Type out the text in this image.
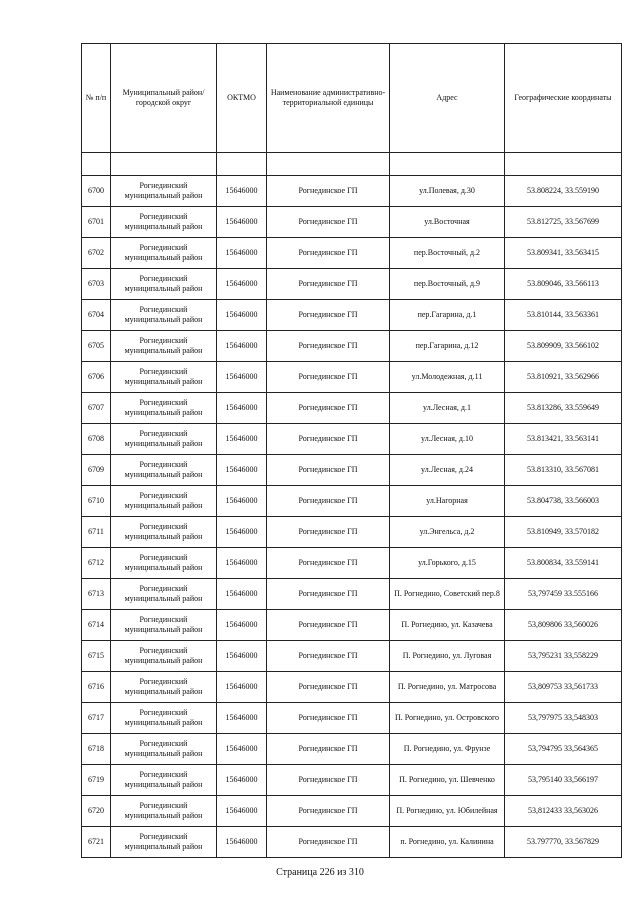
№ п/п	Муниципальный район/городской округ	ОКТМО	Наименование административно-территориальной единицы	Адрес	Географические координаты

6700	Рогнединский муниципальный район	15646000	Рогнединское ГП	ул.Полевая, д.30	53.808224, 33.559190
6701	Рогнединский муниципальный район	15646000	Рогнединское ГП	ул.Восточная	53.812725, 33.567699
6702	Рогнединский муниципальный район	15646000	Рогнединское ГП	пер.Восточный, д.2	53.809341, 33.563415
6703	Рогнединский муниципальный район	15646000	Рогнединское ГП	пер.Восточный, д.9	53.809046, 33.566113
6704	Рогнединский муниципальный район	15646000	Рогнединское ГП	пер.Гагарина, д.1	53.810144, 33.563361
6705	Рогнединский муниципальный район	15646000	Рогнединское ГП	пер.Гагарина, д.12	53.809909, 33.566102
6706	Рогнединский муниципальный район	15646000	Рогнединское ГП	ул.Молодежная, д.11	53.810921, 33.562966
6707	Рогнединский муниципальный район	15646000	Рогнединское ГП	ул.Лесная, д.1	53.813286, 33.559649
6708	Рогнединский муниципальный район	15646000	Рогнединское ГП	ул.Лесная, д.10	53.813421, 33.563141
6709	Рогнединский муниципальный район	15646000	Рогнединское ГП	ул.Лесная, д.24	53.813310, 33.567081
6710	Рогнединский муниципальный район	15646000	Рогнединское ГП	ул.Нагорная	53.804738, 33.566003
6711	Рогнединский муниципальный район	15646000	Рогнединское ГП	ул.Энгельса, д.2	53.810949, 33.570182
6712	Рогнединский муниципальный район	15646000	Рогнединское ГП	ул.Горького, д.15	53.800834, 33.559141
6713	Рогнединский муниципальный район	15646000	Рогнединское ГП	П. Рогнедино, Советский пер.8	53,797459 33.555166
6714	Рогнединский муниципальный район	15646000	Рогнединское ГП	П. Рогнедино, ул. Казачева	53,809806 33,560026
6715	Рогнединский муниципальный район	15646000	Рогнединское ГП	П. Рогнедино, ул. Луговая	53,795231 33,558229
6716	Рогнединский муниципальный район	15646000	Рогнединское ГП	П. Рогнедино, ул. Матросова	53,809753 33,561733
6717	Рогнединский муниципальный район	15646000	Рогнединское ГП	П. Рогнедино, ул. Островского	53,797975 33,548303
6718	Рогнединский муниципальный район	15646000	Рогнединское ГП	П. Рогнедино, ул. Фрунзе	53,794795 33,564365
6719	Рогнединский муниципальный район	15646000	Рогнединское ГП	П. Рогнедино, ул. Шевченко	53,795140 33,566197
6720	Рогнединский муниципальный район	15646000	Рогнединское ГП	П. Рогнедино, ул. Юбилейная	53,812433 33,563026
6721	Рогнединский муниципальный район	15646000	Рогнединское ГП	п. Рогнедино, ул. Калинина	53.797770, 33.567829
Страница 226 из 310
